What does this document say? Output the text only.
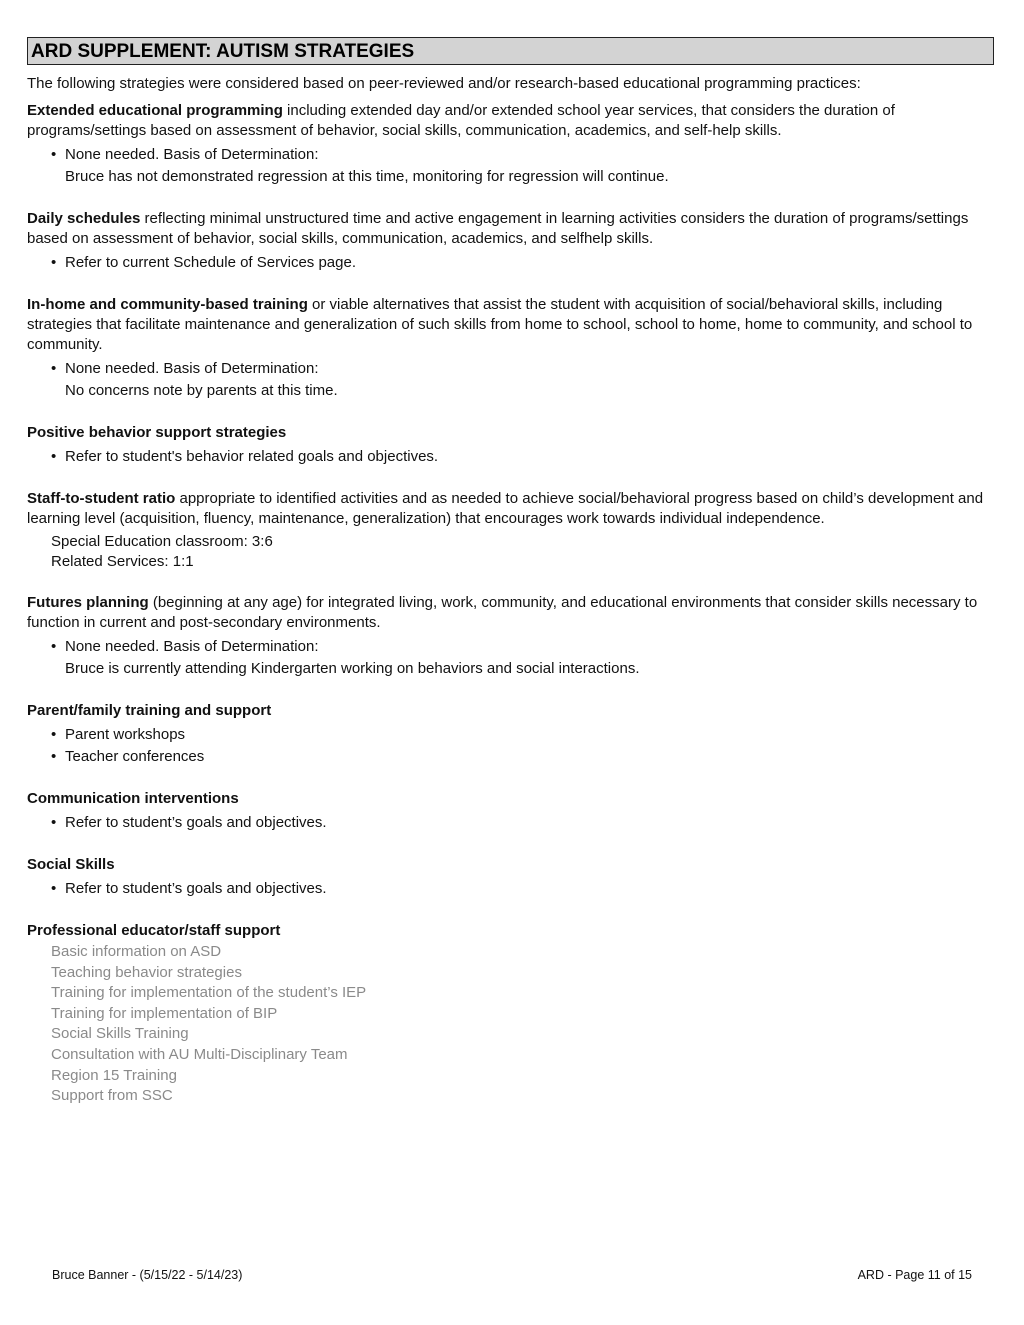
ARD SUPPLEMENT: AUTISM STRATEGIES
The following strategies were considered based on peer-reviewed and/or research-based educational programming practices:
Extended educational programming including extended day and/or extended school year services, that considers the duration of programs/settings based on assessment of behavior, social skills, communication, academics, and self-help skills.
• None needed. Basis of Determination:
Bruce has not demonstrated regression at this time, monitoring for regression will continue.
Daily schedules reflecting minimal unstructured time and active engagement in learning activities considers the duration of programs/settings based on assessment of behavior, social skills, communication, academics, and selfhelp skills.
• Refer to current Schedule of Services page.
In-home and community-based training or viable alternatives that assist the student with acquisition of social/behavioral skills, including strategies that facilitate maintenance and generalization of such skills from home to school, school to home, home to community, and school to community.
• None needed. Basis of Determination:
No concerns note by parents at this time.
Positive behavior support strategies
• Refer to student's behavior related goals and objectives.
Staff-to-student ratio appropriate to identified activities and as needed to achieve social/behavioral progress based on child’s development and learning level (acquisition, fluency, maintenance, generalization) that encourages work towards individual independence.
Special Education classroom: 3:6
Related Services: 1:1
Futures planning (beginning at any age) for integrated living, work, community, and educational environments that consider skills necessary to function in current and post-secondary environments.
• None needed. Basis of Determination:
Bruce is currently attending Kindergarten working on behaviors and social interactions.
Parent/family training and support
• Parent workshops
• Teacher conferences
Communication interventions
• Refer to student’s goals and objectives.
Social Skills
• Refer to student’s goals and objectives.
Professional educator/staff support
Basic information on ASD
Teaching behavior strategies
Training for implementation of the student’s IEP
Training for implementation of BIP
Social Skills Training
Consultation with AU Multi-Disciplinary Team
Region 15 Training
Support from SSC
Bruce Banner - (5/15/22 - 5/14/23)	ARD - Page 11 of 15
